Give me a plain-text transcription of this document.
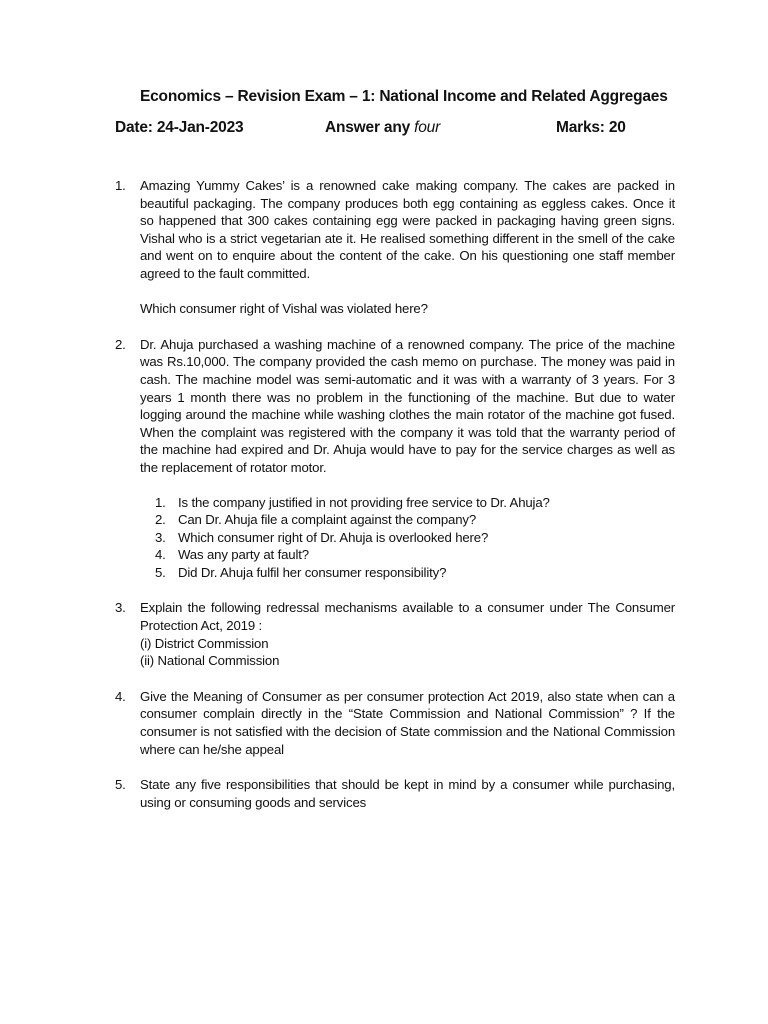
Economics – Revision Exam – 1: National Income and Related Aggregaes
Date: 24-Jan-2023	Answer any four	Marks: 20
1. Amazing Yummy Cakes’ is a renowned cake making company. The cakes are packed in beautiful packaging. The company produces both egg containing as eggless cakes. Once it so happened that 300 cakes containing egg were packed in packaging having green signs. Vishal who is a strict vegetarian ate it. He realised something different in the smell of the cake and went on to enquire about the content of the cake. On his questioning one staff member agreed to the fault committed.
Which consumer right of Vishal was violated here?
2. Dr. Ahuja purchased a washing machine of a renowned company. The price of the machine was Rs.10,000. The company provided the cash memo on purchase. The money was paid in cash. The machine model was semi-automatic and it was with a warranty of 3 years. For 3 years 1 month there was no problem in the functioning of the machine. But due to water logging around the machine while washing clothes the main rotator of the machine got fused. When the complaint was registered with the company it was told that the warranty period of the machine had expired and Dr. Ahuja would have to pay for the service charges as well as the replacement of rotator motor.
1. Is the company justified in not providing free service to Dr. Ahuja?
2. Can Dr. Ahuja file a complaint against the company?
3. Which consumer right of Dr. Ahuja is overlooked here?
4. Was any party at fault?
5. Did Dr. Ahuja fulfil her consumer responsibility?
3. Explain the following redressal mechanisms available to a consumer under The Consumer Protection Act, 2019 :
(i) District Commission
(ii) National Commission
4. Give the Meaning of Consumer as per consumer protection Act 2019, also state when can a consumer complain directly in the “State Commission and National Commission” ? If the consumer is not satisfied with the decision of State commission and the National Commission where can he/she appeal
5. State any five responsibilities that should be kept in mind by a consumer while purchasing, using or consuming goods and services
